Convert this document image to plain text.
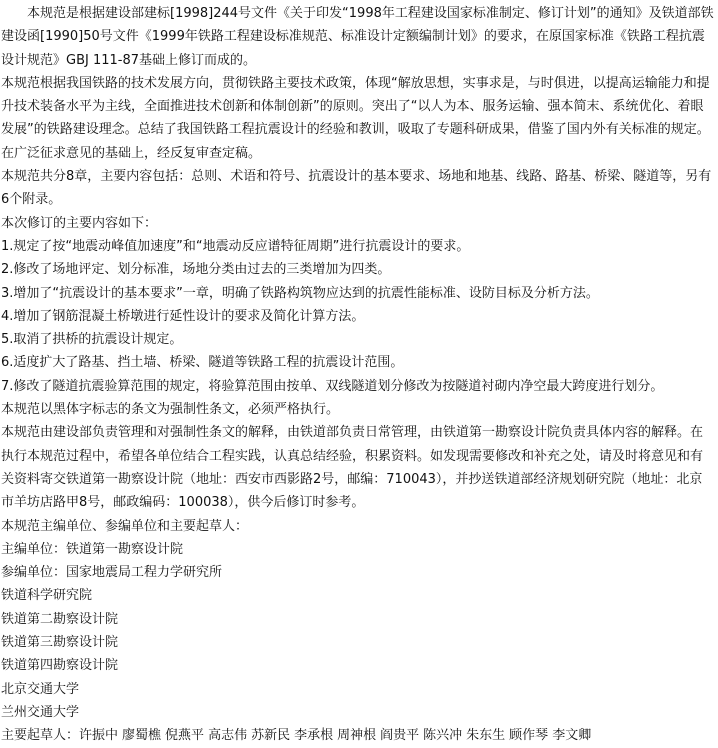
本规范是根据建设部建标[1998]244号文件《关于印发“1998年工程建设国家标准制定、修订计划”的通知》及铁道部铁建设函[1990]50号文件《1999年铁路工程建设标准规范、标准设计定额编制计划》的要求，在原国家标准《铁路工程抗震设计规范》GBJ 111-87基础上修订而成的。

本规范根据我国铁路的技术发展方向，贯彻铁路主要技术政策，体现“解放思想，实事求是，与时俱进，以提高运输能力和提升技术装备水平为主线，全面推进技术创新和体制创新”的原则。突出了“以人为本、服务运输、强本简末、系统优化、着眼发展”的铁路建设理念。总结了我国铁路工程抗震设计的经验和教训，吸取了专题科研成果，借鉴了国内外有关标准的规定。在广泛征求意见的基础上，经反复审查定稿。

本规范共分8章，主要内容包括：总则、术语和符号、抗震设计的基本要求、场地和地基、线路、路基、桥梁、隧道等，另有6个附录。

本次修订的主要内容如下：

1.规定了按“地震动峰值加速度”和“地震动反应谱特征周期”进行抗震设计的要求。
2.修改了场地评定、划分标准，场地分类由过去的三类增加为四类。
3.增加了“抗震设计的基本要求”一章，明确了铁路构筑物应达到的抗震性能标准、设防目标及分析方法。
4.增加了钢筋混凝土桥墩进行延性设计的要求及简化计算方法。
5.取消了拱桥的抗震设计规定。
6.适度扩大了路基、挡土墙、桥梁、隧道等铁路工程的抗震设计范围。
7.修改了隧道抗震验算范围的规定，将验算范围由按单、双线隧道划分修改为按隧道衬砌内净空最大跨度进行划分。

本规范以黑体字标志的条文为强制性条文，必须严格执行。

本规范由建设部负责管理和对强制性条文的解释，由铁道部负责日常管理，由铁道第一勘察设计院负责具体内容的解释。在执行本规范过程中，希望各单位结合工程实践，认真总结经验，积累资料。如发现需要修改和补充之处，请及时将意见和有关资料寄交铁道第一勘察设计院（地址：西安市西影路2号，邮编：710043），并抄送铁道部经济规划研究院（地址：北京市羊坊店路甲8号，邮政编码：100038），供今后修订时参考。

本规范主编单位、参编单位和主要起草人：

主编单位：铁道第一勘察设计院

参编单位：国家地震局工程力学研究所

铁道科学研究院
铁道第二勘察设计院
铁道第三勘察设计院
铁道第四勘察设计院
北京交通大学
兰州交通大学

主要起草人：许振中 廖蜀樵 倪燕平 高志伟 苏新民 李承根 周神根 阎贵平 陈兴冲 朱东生 顾作琴 李文卿
